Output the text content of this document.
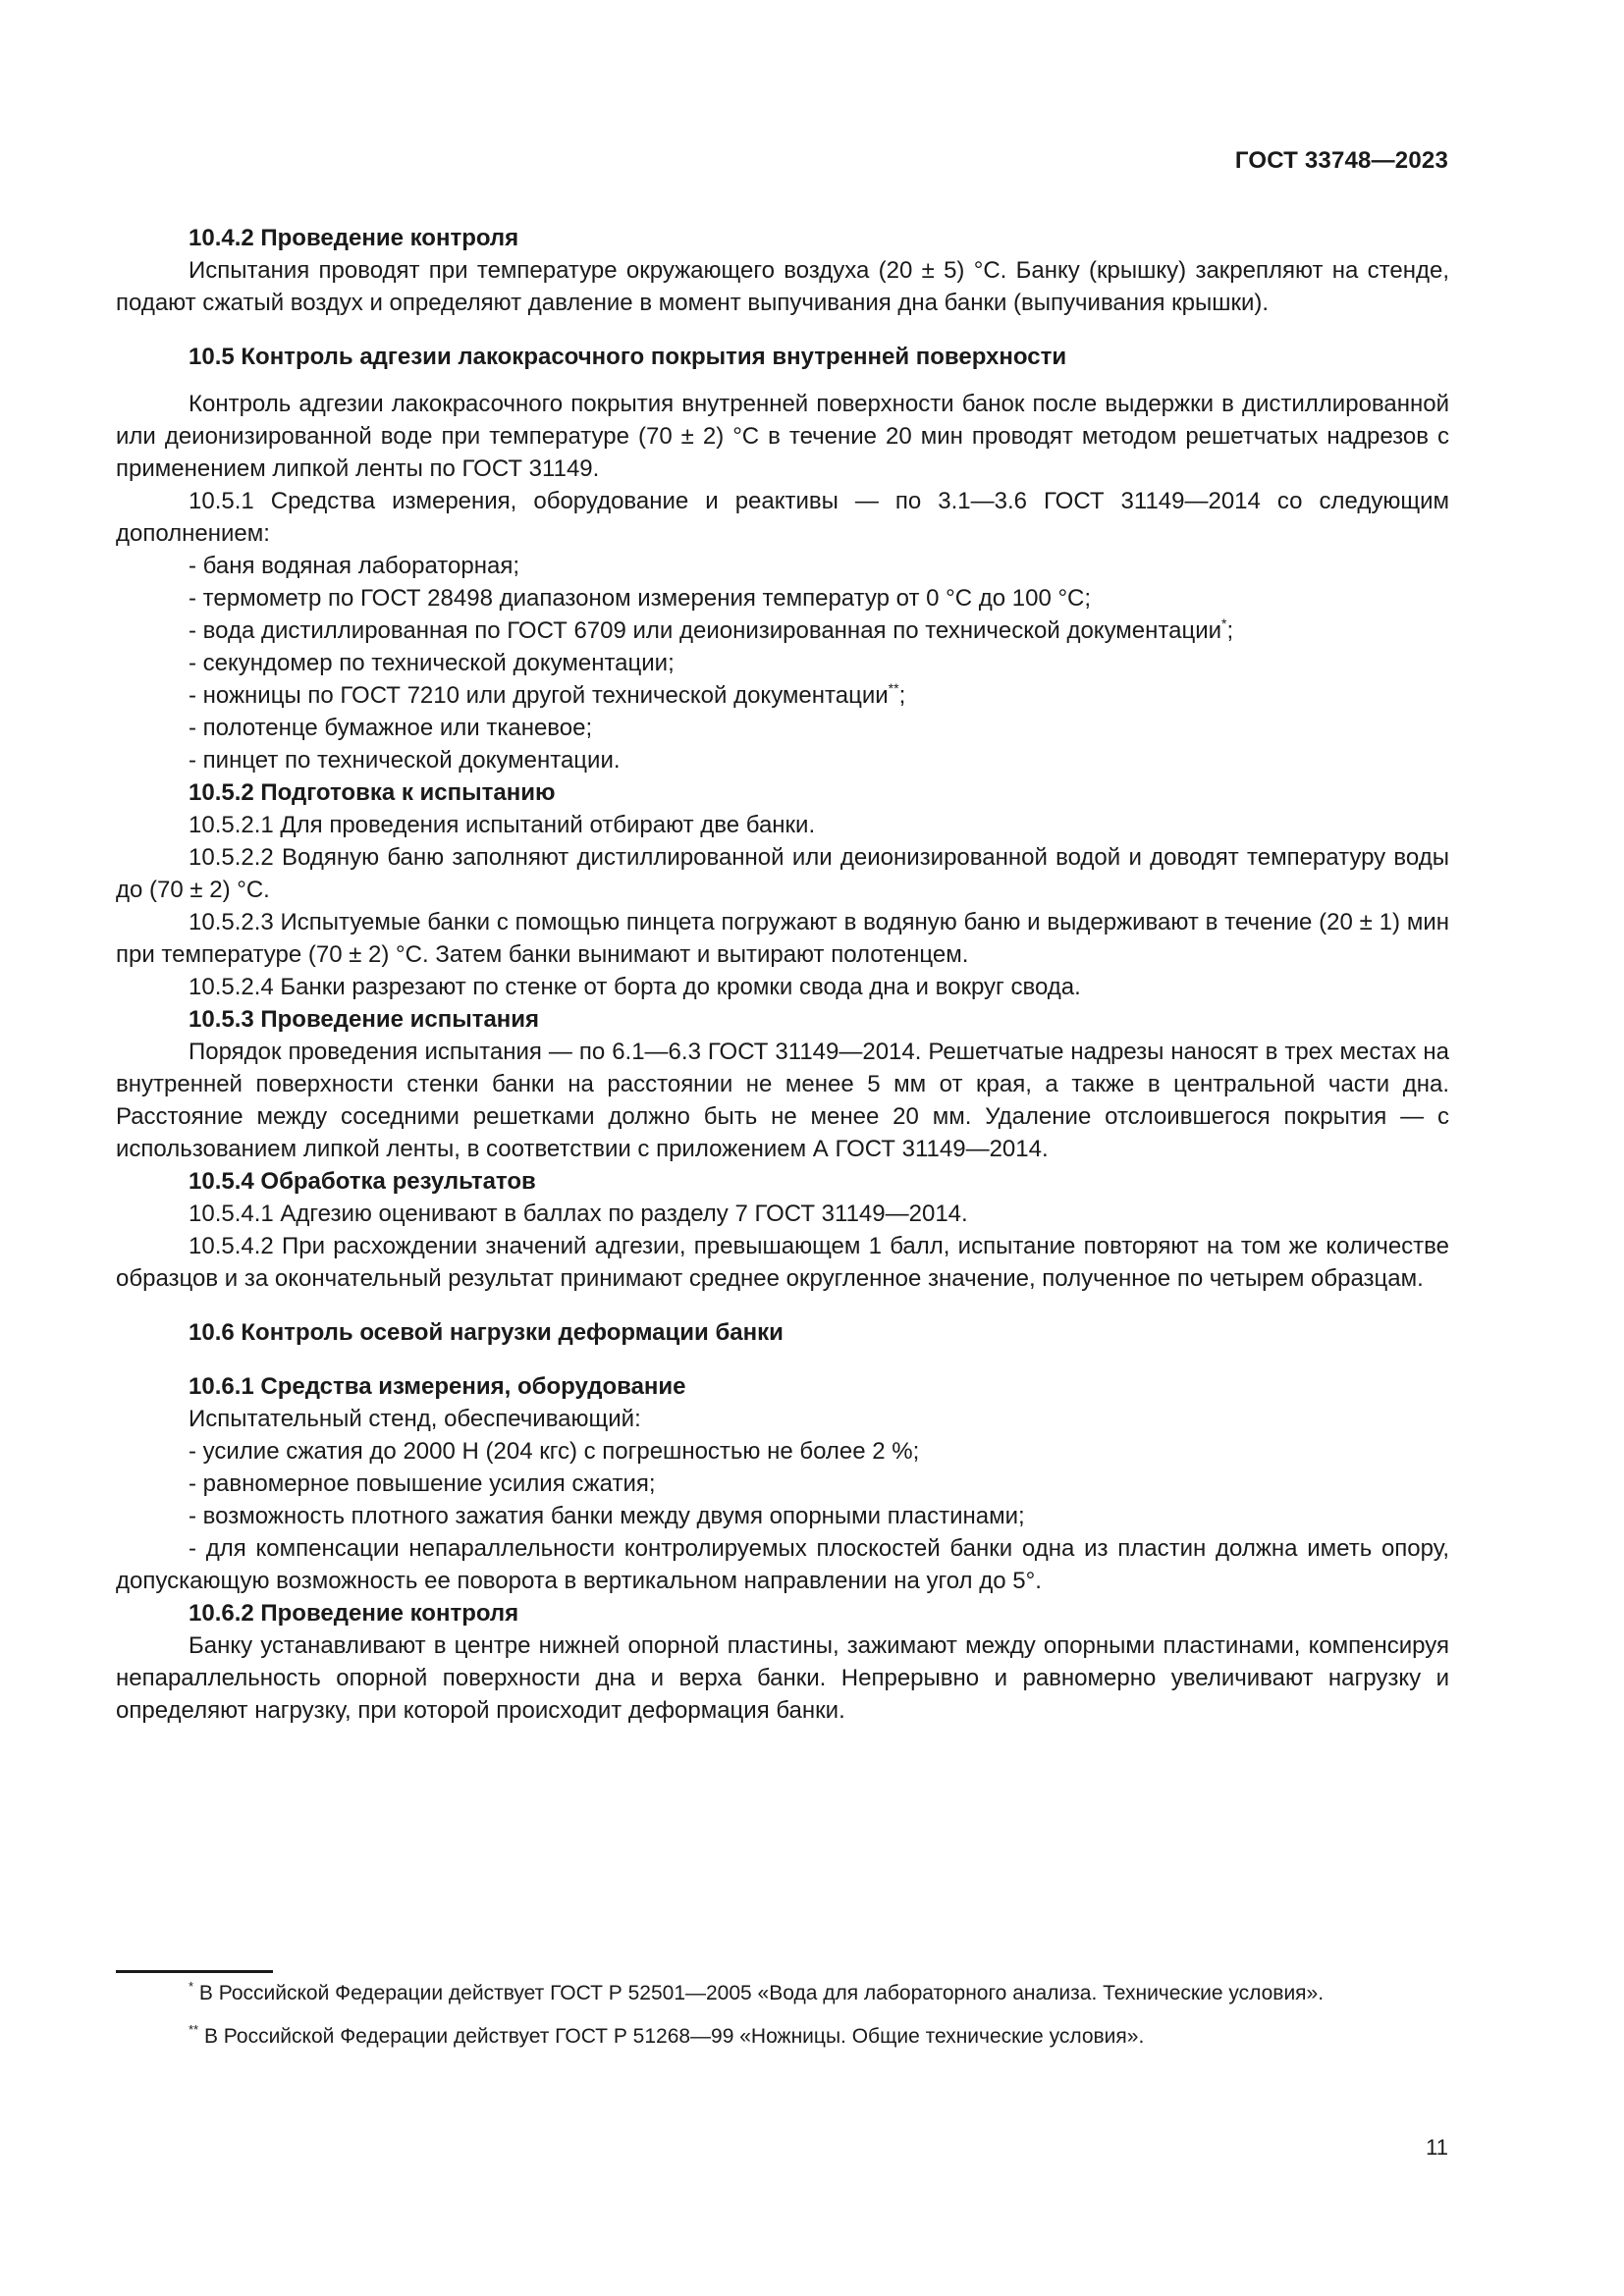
ГОСТ 33748—2023

10.4.2 Проведение контроля

Испытания проводят при температуре окружающего воздуха (20 ± 5) °С. Банку (крышку) закрепляют на стенде, подают сжатый воздух и определяют давление в момент выпучивания дна банки (выпучивания крышки).

10.5 Контроль адгезии лакокрасочного покрытия внутренней поверхности

Контроль адгезии лакокрасочного покрытия внутренней поверхности банок после выдержки в дистиллированной или деионизированной воде при температуре (70 ± 2) °С в течение 20 мин проводят методом решетчатых надрезов с применением липкой ленты по ГОСТ 31149.

10.5.1 Средства измерения, оборудование и реактивы — по 3.1—3.6 ГОСТ 31149—2014 со следующим дополнением:

- баня водяная лабораторная;

- термометр по ГОСТ 28498 диапазоном измерения температур от 0 °С до 100 °С;

- вода дистиллированная по ГОСТ 6709 или деионизированная по технической документации*;

- секундомер по технической документации;

- ножницы по ГОСТ 7210 или другой технической документации**;

- полотенце бумажное или тканевое;

- пинцет по технической документации.

10.5.2 Подготовка к испытанию

10.5.2.1 Для проведения испытаний отбирают две банки.

10.5.2.2 Водяную баню заполняют дистиллированной или деионизированной водой и доводят температуру воды до (70 ± 2) °С.

10.5.2.3 Испытуемые банки с помощью пинцета погружают в водяную баню и выдерживают в течение (20 ± 1) мин при температуре (70 ± 2) °С. Затем банки вынимают и вытирают полотенцем.

10.5.2.4 Банки разрезают по стенке от борта до кромки свода дна и вокруг свода.

10.5.3 Проведение испытания

Порядок проведения испытания — по 6.1—6.3 ГОСТ 31149—2014. Решетчатые надрезы наносят в трех местах на внутренней поверхности стенки банки на расстоянии не менее 5 мм от края, а также в центральной части дна. Расстояние между соседними решетками должно быть не менее 20 мм. Удаление отслоившегося покрытия — с использованием липкой ленты, в соответствии с приложением А ГОСТ 31149—2014.

10.5.4 Обработка результатов

10.5.4.1 Адгезию оценивают в баллах по разделу 7 ГОСТ 31149—2014.

10.5.4.2 При расхождении значений адгезии, превышающем 1 балл, испытание повторяют на том же количестве образцов и за окончательный результат принимают среднее округленное значение, полученное по четырем образцам.

10.6 Контроль осевой нагрузки деформации банки

10.6.1 Средства измерения, оборудование

Испытательный стенд, обеспечивающий:

- усилие сжатия до 2000 Н (204 кгс) с погрешностью не более 2 %;

- равномерное повышение усилия сжатия;

- возможность плотного зажатия банки между двумя опорными пластинами;

- для компенсации непараллельности контролируемых плоскостей банки одна из пластин должна иметь опору, допускающую возможность ее поворота в вертикальном направлении на угол до 5°.

10.6.2 Проведение контроля

Банку устанавливают в центре нижней опорной пластины, зажимают между опорными пластинами, компенсируя непараллельность опорной поверхности дна и верха банки. Непрерывно и равномерно увеличивают нагрузку и определяют нагрузку, при которой происходит деформация банки.

* В Российской Федерации действует ГОСТ Р 52501—2005 «Вода для лабораторного анализа. Технические условия».

** В Российской Федерации действует ГОСТ Р 51268—99 «Ножницы. Общие технические условия».

11
